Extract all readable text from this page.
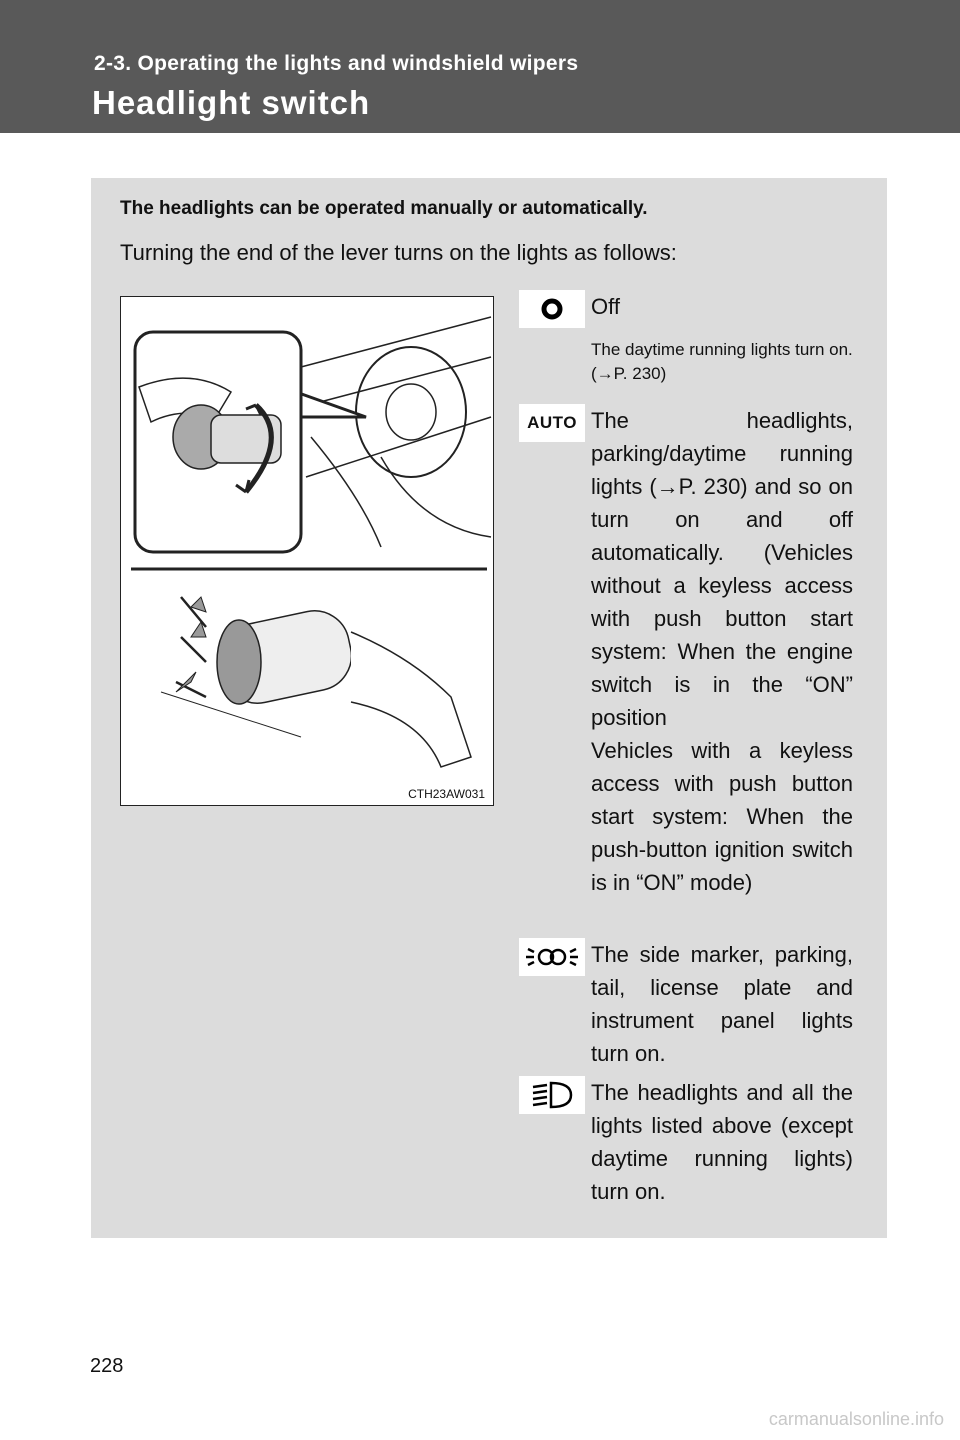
2-3. Operating the lights and windshield wipers
Headlight switch
The headlights can be operated manually or automatically.
Turning the end of the lever turns on the lights as follows:
CTH23AW031
Off
The daytime running lights turn on. (→P. 230)
AUTO The headlights, parking/daytime running lights (→P. 230) and so on turn on and off automatically. (Vehicles without a keyless access with push button start system: When the engine switch is in the “ON” position
Vehicles with a keyless access with push button start system: When the push-button ignition switch is in “ON” mode)
The side marker, parking, tail, license plate and instrument panel lights turn on.
The headlights and all the lights listed above (except daytime running lights) turn on.
228
carmanualsonline.info
